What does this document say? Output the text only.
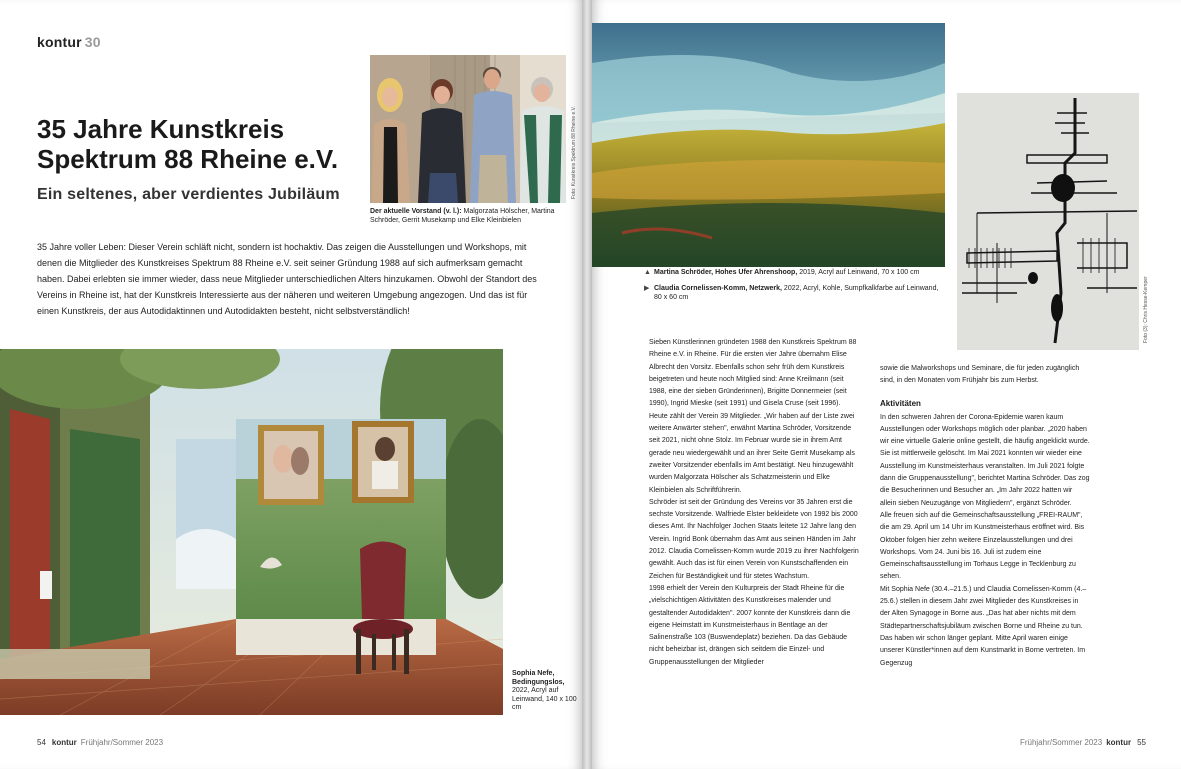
kontur 30
35 Jahre Kunstkreis Spektrum 88 Rheine e.V.
Ein seltenes, aber verdientes Jubiläum	Foto: Kunstkreis Spektrum 88 Rheine e.V.
Der aktuelle Vorstand (v. l.): Malgorzata Hölscher, Martina Schröder, Gerrit Musekamp und Elke Kleinbielen

35 Jahre voller Leben: Dieser Verein schläft nicht, sondern ist hochaktiv. Das zeigen die Ausstellungen und Workshops, mit denen die Mitglieder des Kunstkreises Spektrum 88 Rheine e.V. seit seiner Gründung 1988 auf sich aufmerksam gemacht haben. Dabei erlebten sie immer wieder, dass neue Mitglieder unterschiedlichen Alters hinzukamen. Obwohl der Standort des Vereins in Rheine ist, hat der Kunstkreis Interessierte aus der näheren und weiteren Umgebung angezogen. Und das ist für einen Kunstkreis, der aus Autodidaktinnen und Autodidakten besteht, nicht selbstverständlich!

Sophia Nefe, Bedingungslos,
2022, Acryl auf Leinwand, 140 x 100 cm
54 kontur Frühjahr/Sommer 2023
Foto (3): Chris Hesse-Kemper
▲ Martina Schröder, Hohes Ufer Ahrenshoop, 2019, Acryl auf Leinwand, 70 x 100 cm
▶ Claudia Cornelissen-Komm, Netzwerk, 2022, Acryl, Kohle, Sumpfkalkfarbe auf Leinwand, 80 x 60 cm

Sieben Künstlerinnen gründeten 1988 den Kunstkreis Spektrum 88 Rheine e.V. in Rheine. Für die ersten vier Jahre übernahm Elise Albrecht den Vorsitz. Ebenfalls schon sehr früh dem Kunstkreis beigetreten und heute noch Mitglied sind: Anne Kreilmann (seit 1988, eine der sieben Gründerinnen), Brigitte Donnermeier (seit 1990), Ingrid Mieske (seit 1991) und Gisela Cruse (seit 1996). Heute zählt der Verein 39 Mitglieder. „Wir haben auf der Liste zwei weitere Anwärter stehen", erwähnt Martina Schröder, Vorsitzende seit 2021, nicht ohne Stolz. Im Februar wurde sie in ihrem Amt gerade neu wiedergewählt und an ihrer Seite Gerrit Musekamp als zweiter Vorsitzender ebenfalls im Amt bestätigt. Neu hinzugewählt wurden Malgorzata Hölscher als Schatzmeisterin und Elke Kleinbielen als Schriftführerin.

Schröder ist seit der Gründung des Vereins vor 35 Jahren erst die sechste Vorsitzende. Walfriede Elster bekleidete von 1992 bis 2000 dieses Amt. Ihr Nachfolger Jochen Staats leitete 12 Jahre lang den Verein. Ingrid Bonk übernahm das Amt aus seinen Händen im Jahr 2012. Claudia Cornelissen-Komm wurde 2019 zu ihrer Nachfolgerin gewählt. Auch das ist für einen Verein von Kunstschaffenden ein Zeichen für Beständigkeit und für stetes Wachstum.

1998 erhielt der Verein den Kulturpreis der Stadt Rheine für die „vielschichtigen Aktivitäten des Kunstkreises malender und gestaltender Autodidakten". 2007 konnte der Kunstkreis dann die eigene Heimstatt im Kunstmeisterhaus in Bentlage an der Salinenstraße 103 (Buswendeplatz) beziehen. Da das Gebäude nicht beheizbar ist, drängen sich seitdem die Einzel- und Gruppenausstellungen der Mitglieder

sowie die Malworkshops und Seminare, die für jeden zugänglich sind, in den Monaten vom Frühjahr bis zum Herbst.

Aktivitäten

In den schweren Jahren der Corona-Epidemie waren kaum Ausstellungen oder Workshops möglich oder planbar. „2020 haben wir eine virtuelle Galerie online gestellt, die häufig angeklickt wurde. Sie ist mittlerweile gelöscht. Im Mai 2021 konnten wir wieder eine Ausstellung im Kunstmeisterhaus veranstalten. Im Juli 2021 folgte dann die Gruppenausstellung", berichtet Martina Schröder. Das zog die Besucherinnen und Besucher an. „Im Jahr 2022 hatten wir allein sieben Neuzugänge von Mitgliedern", ergänzt Schröder.

Alle freuen sich auf die Gemeinschaftsausstellung „FREI-RAUM", die am 29. April um 14 Uhr im Kunstmeisterhaus eröffnet wird. Bis Oktober folgen hier zehn weitere Einzelausstellungen und drei Workshops. Vom 24. Juni bis 16. Juli ist zudem eine Gemeinschaftsausstellung im Torhaus Legge in Tecklenburg zu sehen.

Mit Sophia Nefe (30.4.–21.5.) und Claudia Cornelissen-Komm (4.–25.6.) stellen in diesem Jahr zwei Mitglieder des Kunstkreises in der Alten Synagoge in Borne aus. „Das hat aber nichts mit dem Städtepartnerschaftsjubiläum zwischen Borne und Rheine zu tun. Das haben wir schon länger geplant. Mitte April waren einige unserer Künstler*innen auf dem Kunstmarkt in Borne vertreten. Im Gegenzug

Frühjahr/Sommer 2023 kontur 55
